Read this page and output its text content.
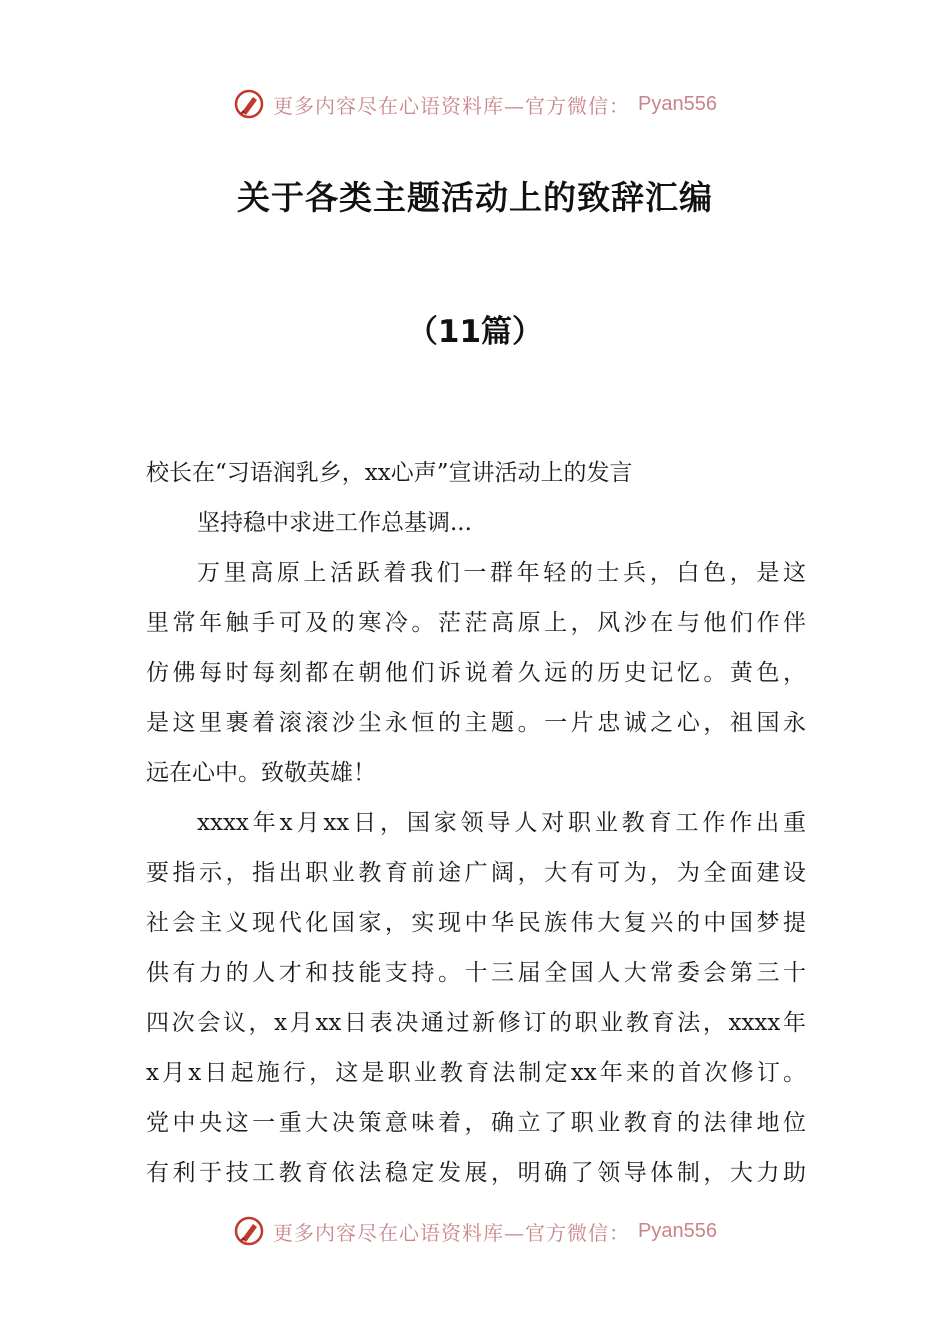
更多内容尽在心语资料库—官方微信： Pyan556
关于各类主题活动上的致辞汇编
（11篇）
校长在“习语润乳乡，xx心声”宣讲活动上的发言
坚持稳中求进工作总基调...
万里高原上活跃着我们一群年轻的士兵，白色，是这
里常年触手可及的寒冷。茫茫高原上，风沙在与他们作伴
仿佛每时每刻都在朝他们诉说着久远的历史记忆。黄色，
是这里裹着滚滚沙尘永恒的主题。一片忠诚之心，祖国永
远在心中。致敬英雄！
xxxx年x月xx日，国家领导人对职业教育工作作出重
要指示，指出职业教育前途广阔，大有可为，为全面建设
社会主义现代化国家，实现中华民族伟大复兴的中国梦提
供有力的人才和技能支持。十三届全国人大常委会第三十
四次会议，x月xx日表决通过新修订的职业教育法，xxxx年
x月x日起施行，这是职业教育法制定xx年来的首次修订。
党中央这一重大决策意味着，确立了职业教育的法律地位
有利于技工教育依法稳定发展，明确了领导体制，大力助
更多内容尽在心语资料库—官方微信： Pyan556
